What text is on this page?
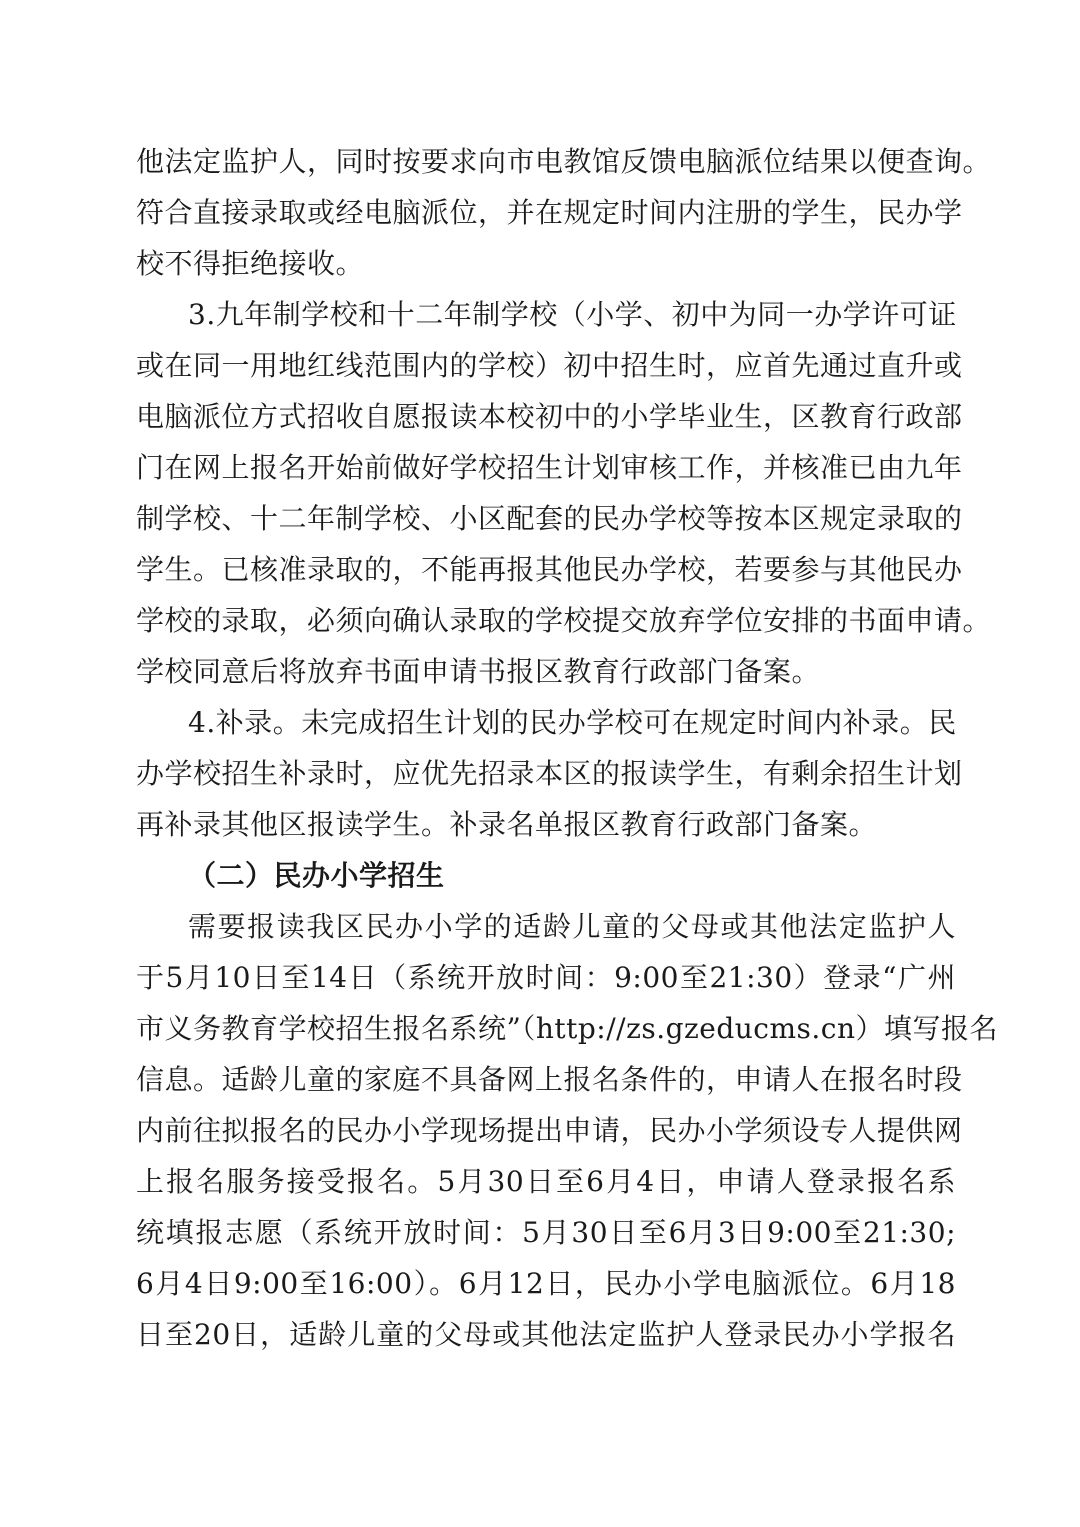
他法定监护人，同时按要求向市电教馆反馈电脑派位结果以便查询。
符合直接录取或经电脑派位，并在规定时间内注册的学生，民办学
校不得拒绝接收。
3.九年制学校和十二年制学校（小学、初中为同一办学许可证
或在同一用地红线范围内的学校）初中招生时，应首先通过直升或
电脑派位方式招收自愿报读本校初中的小学毕业生，区教育行政部
门在网上报名开始前做好学校招生计划审核工作，并核准已由九年
制学校、十二年制学校、小区配套的民办学校等按本区规定录取的
学生。已核准录取的，不能再报其他民办学校，若要参与其他民办
学校的录取，必须向确认录取的学校提交放弃学位安排的书面申请。
学校同意后将放弃书面申请书报区教育行政部门备案。
4.补录。未完成招生计划的民办学校可在规定时间内补录。民
办学校招生补录时，应优先招录本区的报读学生，有剩余招生计划
再补录其他区报读学生。补录名单报区教育行政部门备案。
（二）民办小学招生
需要报读我区民办小学的适龄儿童的父母或其他法定监护人
于5月10日至14日（系统开放时间：9:00至21:30）登录“广州
市义务教育学校招生报名系统”（http://zs.gzeducms.cn）填写报名
信息。适龄儿童的家庭不具备网上报名条件的，申请人在报名时段
内前往拟报名的民办小学现场提出申请，民办小学须设专人提供网
上报名服务接受报名。5月30日至6月4日，申请人登录报名系
统填报志愿（系统开放时间：5月30日至6月3日9:00至21:30;
6月4日9:00至16:00）。6月12日，民办小学电脑派位。6月18
日至20日，适龄儿童的父母或其他法定监护人登录民办小学报名
